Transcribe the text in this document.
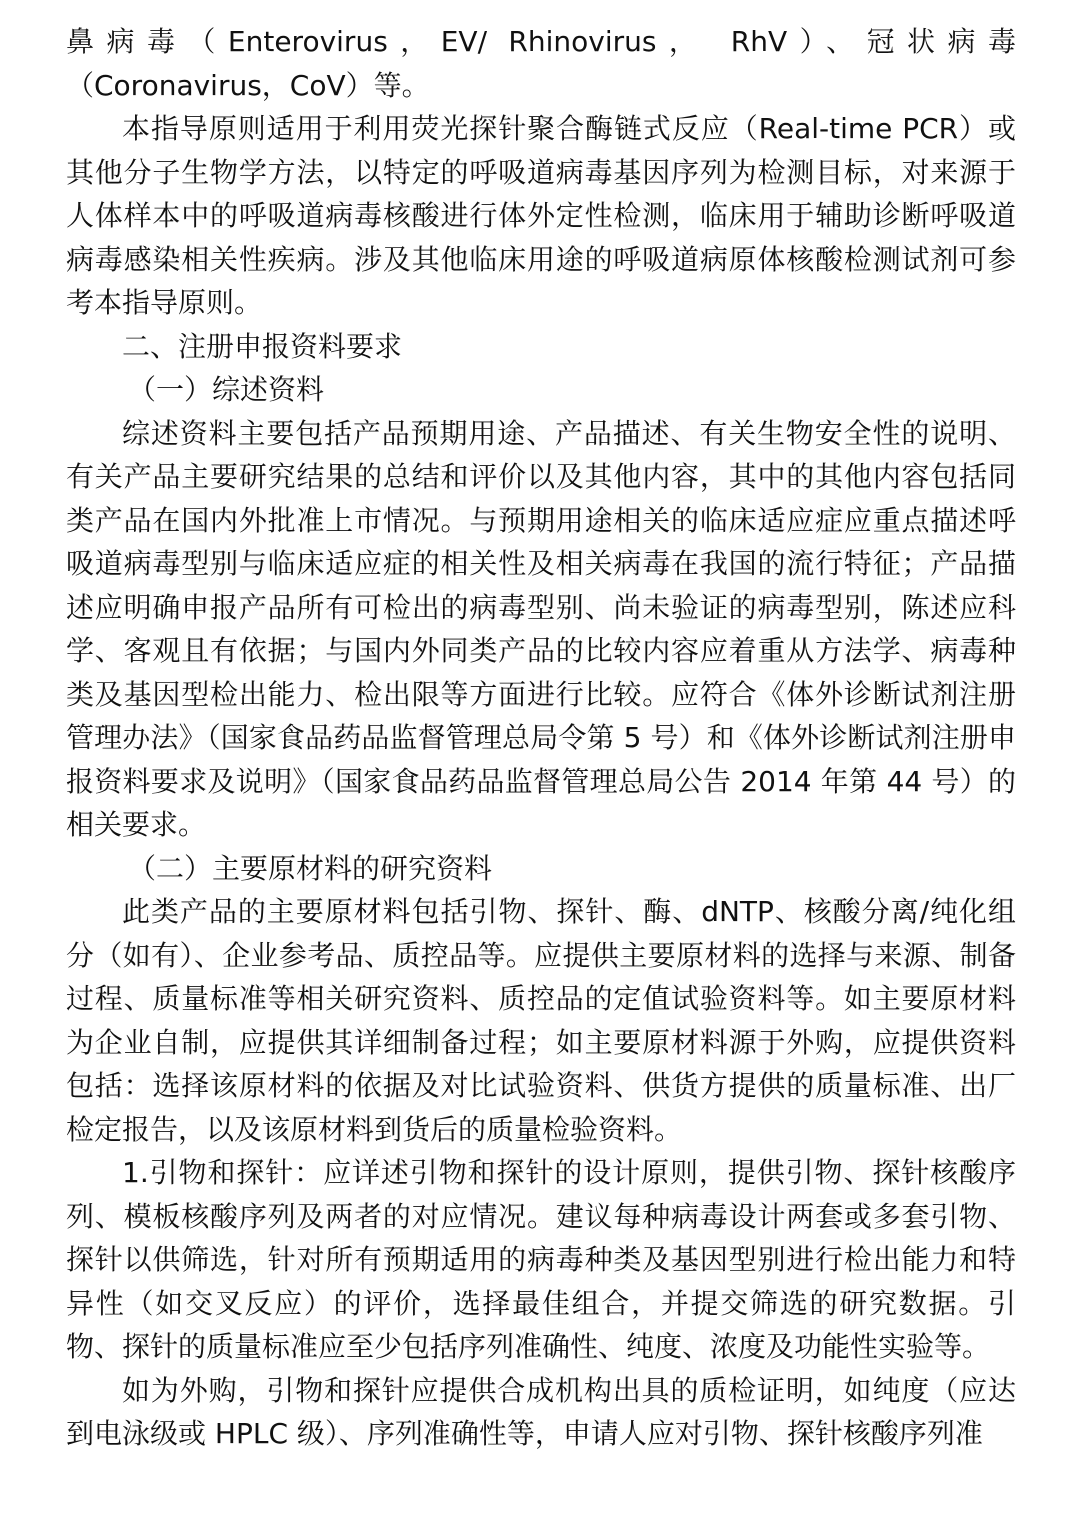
鼻病毒（Enterovirus，EV/ Rhinovirus， RhV）、冠状病毒（Coronavirus，CoV）等。

本指导原则适用于利用荧光探针聚合酶链式反应（Real-time PCR）或其他分子生物学方法，以特定的呼吸道病毒基因序列为检测目标，对来源于人体样本中的呼吸道病毒核酸进行体外定性检测，临床用于辅助诊断呼吸道病毒感染相关性疾病。涉及其他临床用途的呼吸道病原体核酸检测试剂可参考本指导原则。

二、注册申报资料要求

（一）综述资料

综述资料主要包括产品预期用途、产品描述、有关生物安全性的说明、有关产品主要研究结果的总结和评价以及其他内容，其中的其他内容包括同类产品在国内外批准上市情况。与预期用途相关的临床适应症应重点描述呼吸道病毒型别与临床适应症的相关性及相关病毒在我国的流行特征；产品描述应明确申报产品所有可检出的病毒型别、尚未验证的病毒型别，陈述应科学、客观且有依据；与国内外同类产品的比较内容应着重从方法学、病毒种类及基因型检出能力、检出限等方面进行比较。应符合《体外诊断试剂注册管理办法》（国家食品药品监督管理总局令第 5 号）和《体外诊断试剂注册申报资料要求及说明》（国家食品药品监督管理总局公告 2014 年第 44 号）的相关要求。

（二）主要原材料的研究资料

此类产品的主要原材料包括引物、探针、酶、dNTP、核酸分离/纯化组分（如有）、企业参考品、质控品等。应提供主要原材料的选择与来源、制备过程、质量标准等相关研究资料、质控品的定值试验资料等。如主要原材料为企业自制，应提供其详细制备过程；如主要原材料源于外购，应提供资料包括：选择该原材料的依据及对比试验资料、供货方提供的质量标准、出厂检定报告，以及该原材料到货后的质量检验资料。

1.引物和探针：应详述引物和探针的设计原则，提供引物、探针核酸序列、模板核酸序列及两者的对应情况。建议每种病毒设计两套或多套引物、探针以供筛选，针对所有预期适用的病毒种类及基因型别进行检出能力和特异性（如交叉反应）的评价，选择最佳组合，并提交筛选的研究数据。引物、探针的质量标准应至少包括序列准确性、纯度、浓度及功能性实验等。

如为外购，引物和探针应提供合成机构出具的质检证明，如纯度（应达到电泳级或 HPLC 级）、序列准确性等，申请人应对引物、探针核酸序列准
